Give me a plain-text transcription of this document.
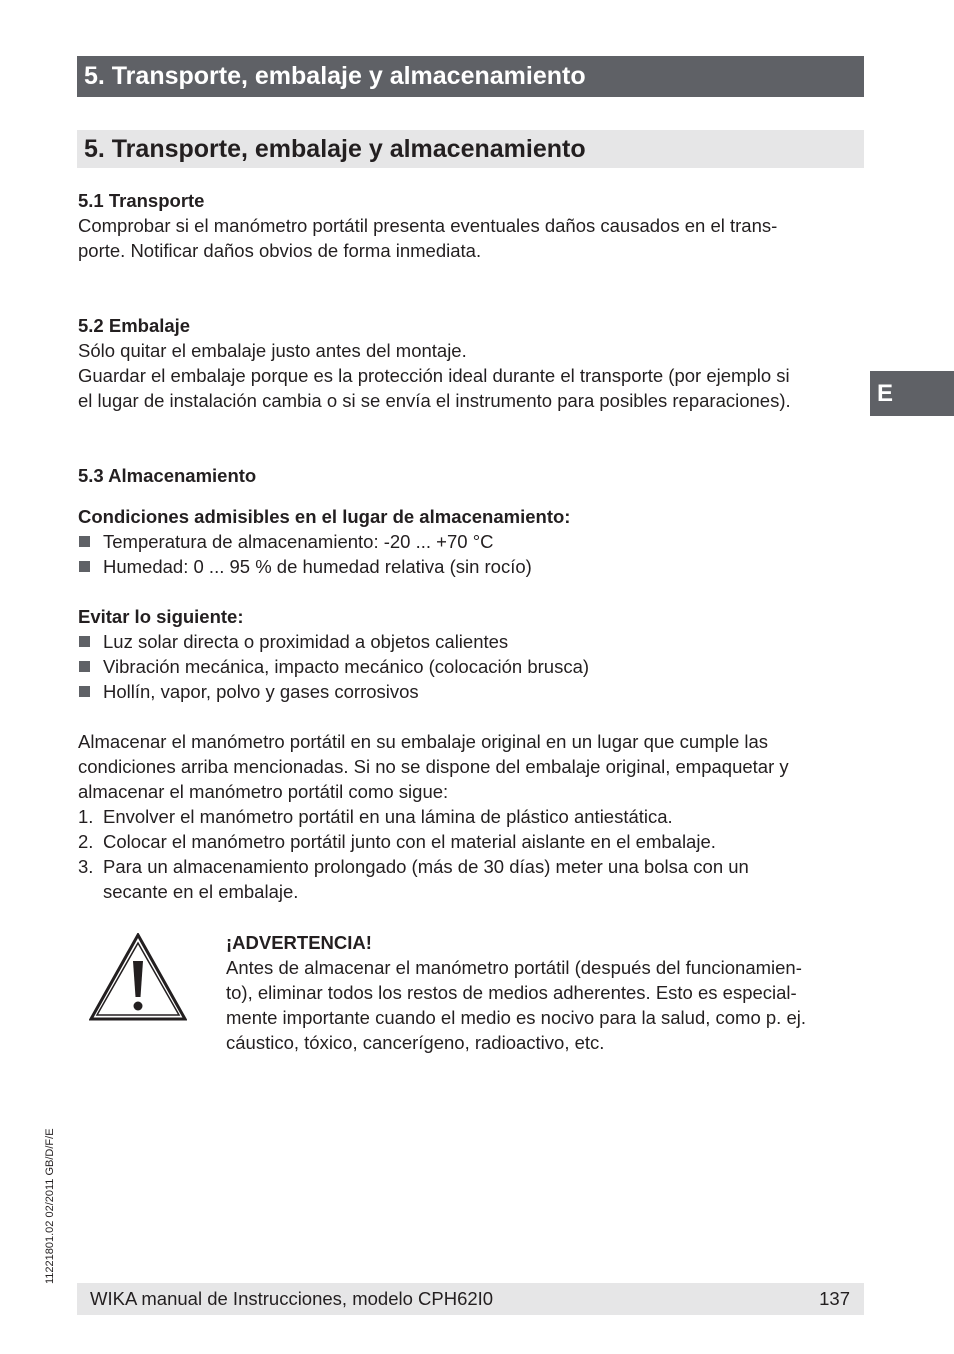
5. Transporte, embalaje y almacenamiento
5. Transporte, embalaje y almacenamiento
E
5.1 Transporte
Comprobar si el manómetro portátil presenta eventuales daños causados en el trans-
porte. Notificar daños obvios de forma inmediata.
5.2 Embalaje
Sólo quitar el embalaje justo antes del montaje.
Guardar el embalaje porque es la protección ideal durante el transporte (por ejemplo si
el lugar de instalación cambia o si se envía el instrumento para posibles reparaciones).
5.3 Almacenamiento
Condiciones admisibles en el lugar de almacenamiento:
Temperatura de almacenamiento: -20 ... +70 °C
Humedad: 0 ... 95 % de humedad relativa (sin rocío)
Evitar lo siguiente:
Luz solar directa o proximidad a objetos calientes
Vibración mecánica, impacto mecánico (colocación brusca)
Hollín, vapor, polvo y gases corrosivos
Almacenar el manómetro portátil en su embalaje original en un lugar que cumple las
condiciones arriba mencionadas. Si no se dispone del embalaje original, empaquetar y
almacenar el manómetro portátil como sigue:
1. Envolver el manómetro portátil en una lámina de plástico antiestática.
2. Colocar el manómetro portátil junto con el material aislante en el embalaje.
3. Para un almacenamiento prolongado (más de 30 días) meter una bolsa con un
secante en el embalaje.
¡ADVERTENCIA!
Antes de almacenar el manómetro portátil (después del funcionamien-
to), eliminar todos los restos de medios adherentes. Esto es especial-
mente importante cuando el medio es nocivo para la salud, como p. ej.
cáustico, tóxico, cancerígeno, radioactivo, etc.
11221801.02 02/2011 GB/D/F/E
WIKA manual de Instrucciones, modelo CPH62I0	137
